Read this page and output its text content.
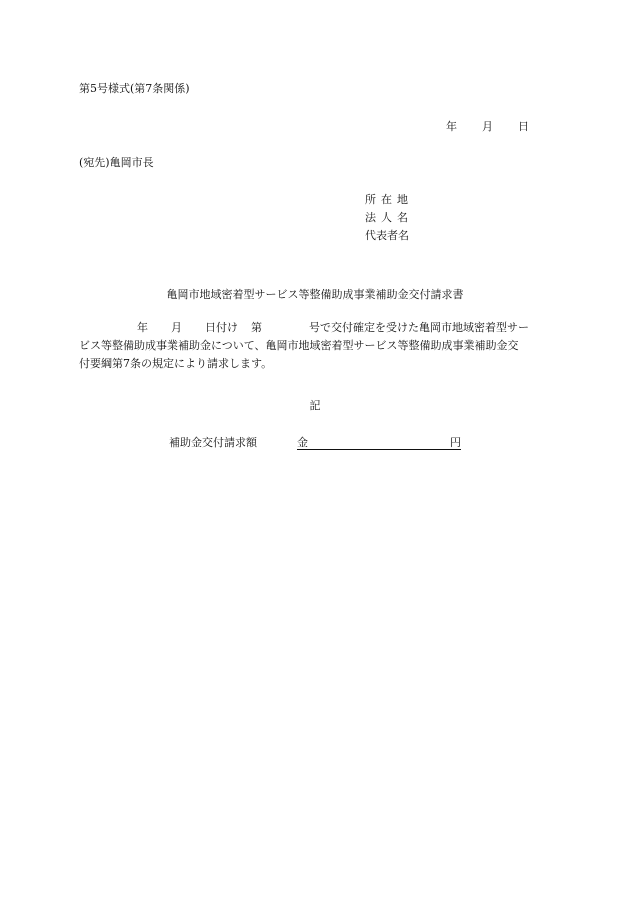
第5号様式(第7条関係)
年 月 日
(宛先)亀岡市長
所在地
法人名
代表者名
亀岡市地域密着型サービス等整備助成事業補助金交付請求書
年 月 日付け 第	号で交付確定を受けた亀岡市地域密着型サー
ビス等整備助成事業補助金について、亀岡市地域密着型サービス等整備助成事業補助金交
付要綱第7条の規定により請求します。
記
補助金交付請求額	金	円
